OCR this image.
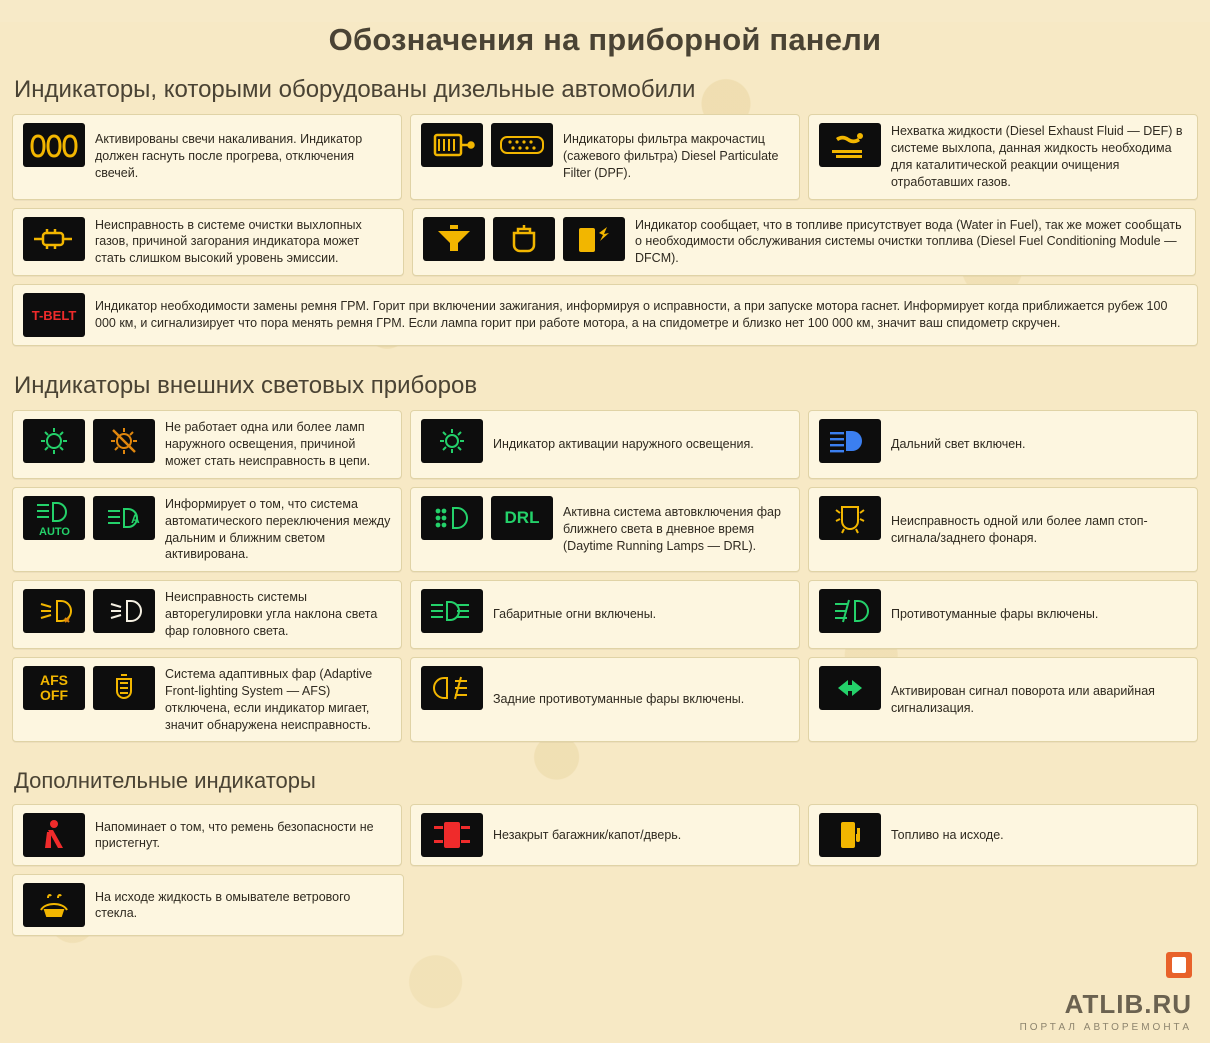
Обозначения на приборной панели
Индикаторы, которыми оборудованы дизельные автомобили
Активированы свечи накаливания. Индикатор должен гаснуть после прогрева, отключения свечей.
Индикаторы фильтра макрочастиц (сажевого фильтра) Diesel Particulate Filter (DPF).
Нехватка жидкости (Diesel Exhaust Fluid — DEF) в системе выхлопа, данная жидкость необходима для каталитической реакции очищения отработавших газов.
Неисправность в системе очистки выхлопных газов, причиной загорания индикатора может стать слишком высокий уровень эмиссии.
Индикатор сообщает, что в топливе присутствует вода (Water in Fuel), так же может сообщать о необходимости обслуживания системы очистки топлива (Diesel Fuel Conditioning Module — DFCM).
T-BELT
Индикатор необходимости замены ремня ГРМ. Горит при включении зажигания, информируя о исправности, а при запуске мотора гаснет. Информирует когда приближается рубеж 100 000 км, и сигнализирует что пора менять ремня ГРМ. Если лампа горит при работе мотора, а на спидометре и близко нет 100 000 км, значит ваш спидометр скручен.
Индикаторы внешних световых приборов
Не работает одна или более ламп наружного освещения, причиной может стать неисправность в цепи.
Индикатор активации наружного освещения.	Дальний свет включен.
AUTO
A
Информирует о том, что система автоматического переключения между дальним и ближним светом активирована.
DRL	Активна система автовключения фар ближнего света в дневное время (Daytime Running Lamps — DRL).
Неисправность одной или более ламп стоп-сигнала/заднего фонаря.
Неисправность системы авторегулировки угла наклона света фар головного света.
Габаритные огни включены.	Противотуманные фары включены.
AFS
OFF
Система адаптивных фар (Adaptive Front-lighting System — AFS) отключена, если индикатор мигает, значит обнаружена неисправность.
Задние противотуманные фары включены.
Активирован сигнал поворота или аварийная сигнализация.
Дополнительные индикаторы
Напоминает о том, что ремень безопасности не пристегнут.
Незакрыт багажник/капот/дверь.	Топливо на исходе.
На исходе жидкость в омывателе ветрового стекла.
ATLIB.RU
ПОРТАЛ АВТОРЕМОНТА
